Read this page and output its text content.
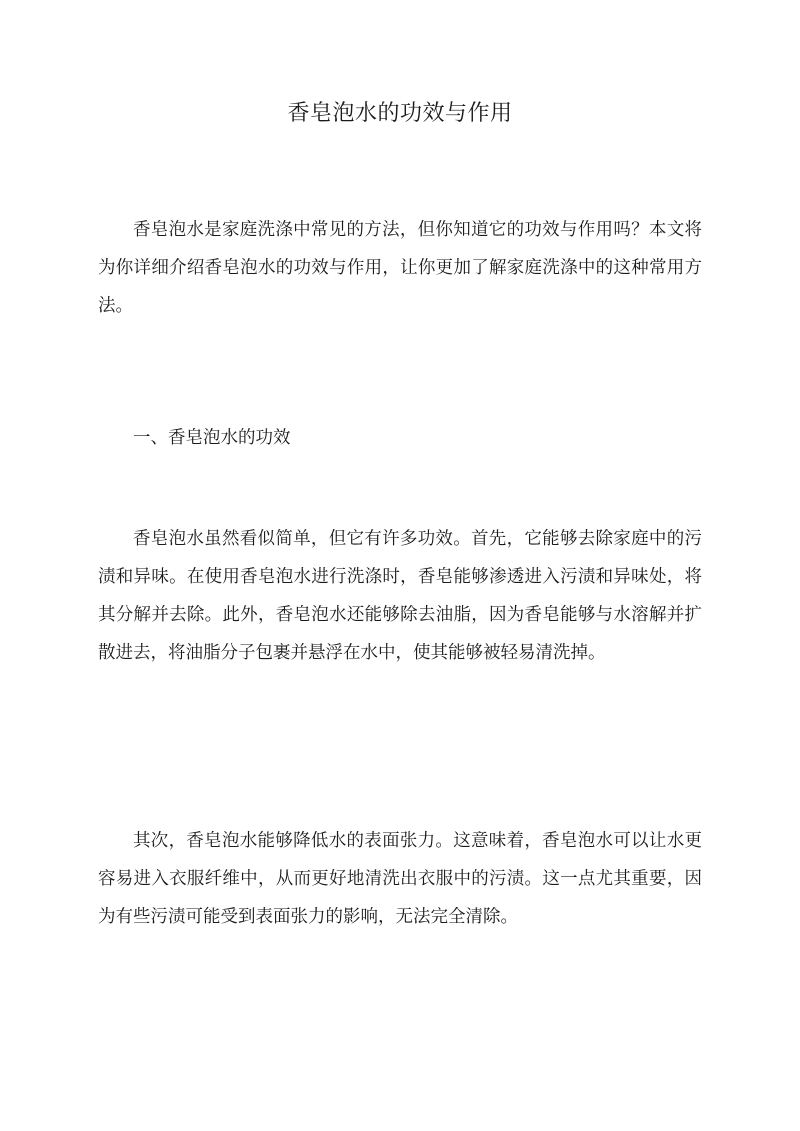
香皂泡水的功效与作用

香皂泡水是家庭洗涤中常见的方法，但你知道它的功效与作用吗？本文将为你详细介绍香皂泡水的功效与作用，让你更加了解家庭洗涤中的这种常用方法。

一、香皂泡水的功效

香皂泡水虽然看似简单，但它有许多功效。首先，它能够去除家庭中的污渍和异味。在使用香皂泡水进行洗涤时，香皂能够渗透进入污渍和异味处，将其分解并去除。此外，香皂泡水还能够除去油脂，因为香皂能够与水溶解并扩散进去，将油脂分子包裹并悬浮在水中，使其能够被轻易清洗掉。

其次，香皂泡水能够降低水的表面张力。这意味着，香皂泡水可以让水更容易进入衣服纤维中，从而更好地清洗出衣服中的污渍。这一点尤其重要，因为有些污渍可能受到表面张力的影响，无法完全清除。
